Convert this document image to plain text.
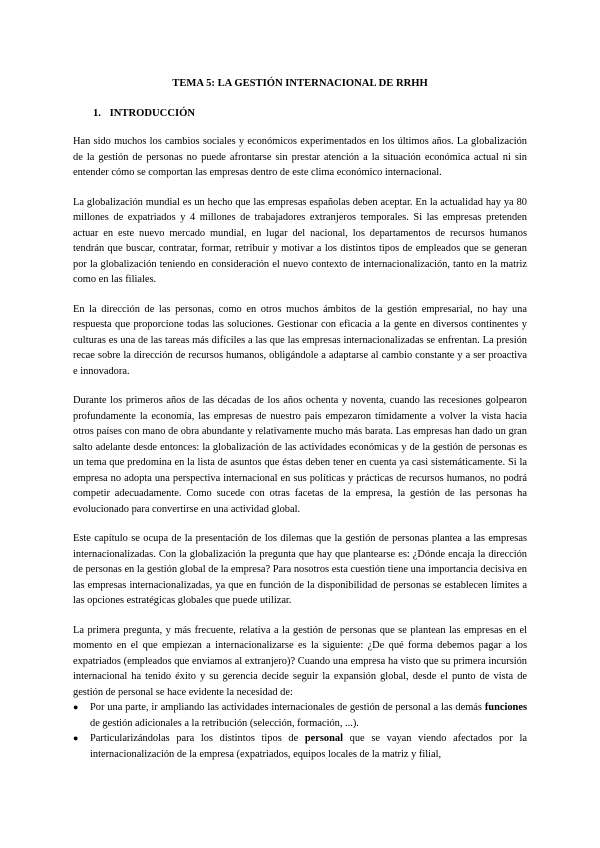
TEMA 5: LA GESTIÓN INTERNACIONAL DE RRHH
1. INTRODUCCIÓN

Han sido muchos los cambios sociales y económicos experimentados en los últimos años. La globalización de la gestión de personas no puede afrontarse sin prestar atención a la situación económica actual ni sin entender cómo se comportan las empresas dentro de este clima económico internacional.

La globalización mundial es un hecho que las empresas españolas deben aceptar. En la actualidad hay ya 80 millones de expatriados y 4 millones de trabajadores extranjeros temporales. Si las empresas pretenden actuar en este nuevo mercado mundial, en lugar del nacional, los departamentos de recursos humanos tendrán que buscar, contratar, formar, retribuir y motivar a los distintos tipos de empleados que se generan por la globalización teniendo en consideración el nuevo contexto de internacionalización, tanto en la matriz como en las filiales.

En la dirección de las personas, como en otros muchos ámbitos de la gestión empresarial, no hay una respuesta que proporcione todas las soluciones. Gestionar con eficacia a la gente en diversos continentes y culturas es una de las tareas más difíciles a las que las empresas internacionalizadas se enfrentan. La presión recae sobre la dirección de recursos humanos, obligándole a adaptarse al cambio constante y a ser proactiva e innovadora.

Durante los primeros años de las décadas de los años ochenta y noventa, cuando las recesiones golpearon profundamente la economía, las empresas de nuestro país empezaron tímidamente a volver la vista hacia otros países con mano de obra abundante y relativamente mucho más barata. Las empresas han dado un gran salto adelante desde entonces: la globalización de las actividades económicas y de la gestión de personas es un tema que predomina en la lista de asuntos que éstas deben tener en cuenta ya casi sistemáticamente. Si la empresa no adopta una perspectiva internacional en sus políticas y prácticas de recursos humanos, no podrá competir adecuadamente. Como sucede con otras facetas de la empresa, la gestión de las personas ha evolucionado para convertirse en una actividad global.

Este capítulo se ocupa de la presentación de los dilemas que la gestión de personas plantea a las empresas internacionalizadas. Con la globalización la pregunta que hay que plantearse es: ¿Dónde encaja la dirección de personas en la gestión global de la empresa? Para nosotros esta cuestión tiene una importancia decisiva en las empresas internacionalizadas, ya que en función de la disponibilidad de personas se establecen límites a las opciones estratégicas globales que puede utilizar.

La primera pregunta, y más frecuente, relativa a la gestión de personas que se plantean las empresas en el momento en el que empiezan a internacionalizarse es la siguiente: ¿De qué forma debemos pagar a los expatriados (empleados que enviamos al extranjero)? Cuando una empresa ha visto que su primera incursión internacional ha tenido éxito y su gerencia decide seguir la expansión global, desde el punto de vista de gestión de personal se hace evidente la necesidad de:

● Por una parte, ir ampliando las actividades internacionales de gestión de personal a las demás funciones de gestión adicionales a la retribución (selección, formación, ...).
● Particularizándolas para los distintos tipos de personal que se vayan viendo afectados por la internacionalización de la empresa (expatriados, equipos locales de la matriz y filial,
